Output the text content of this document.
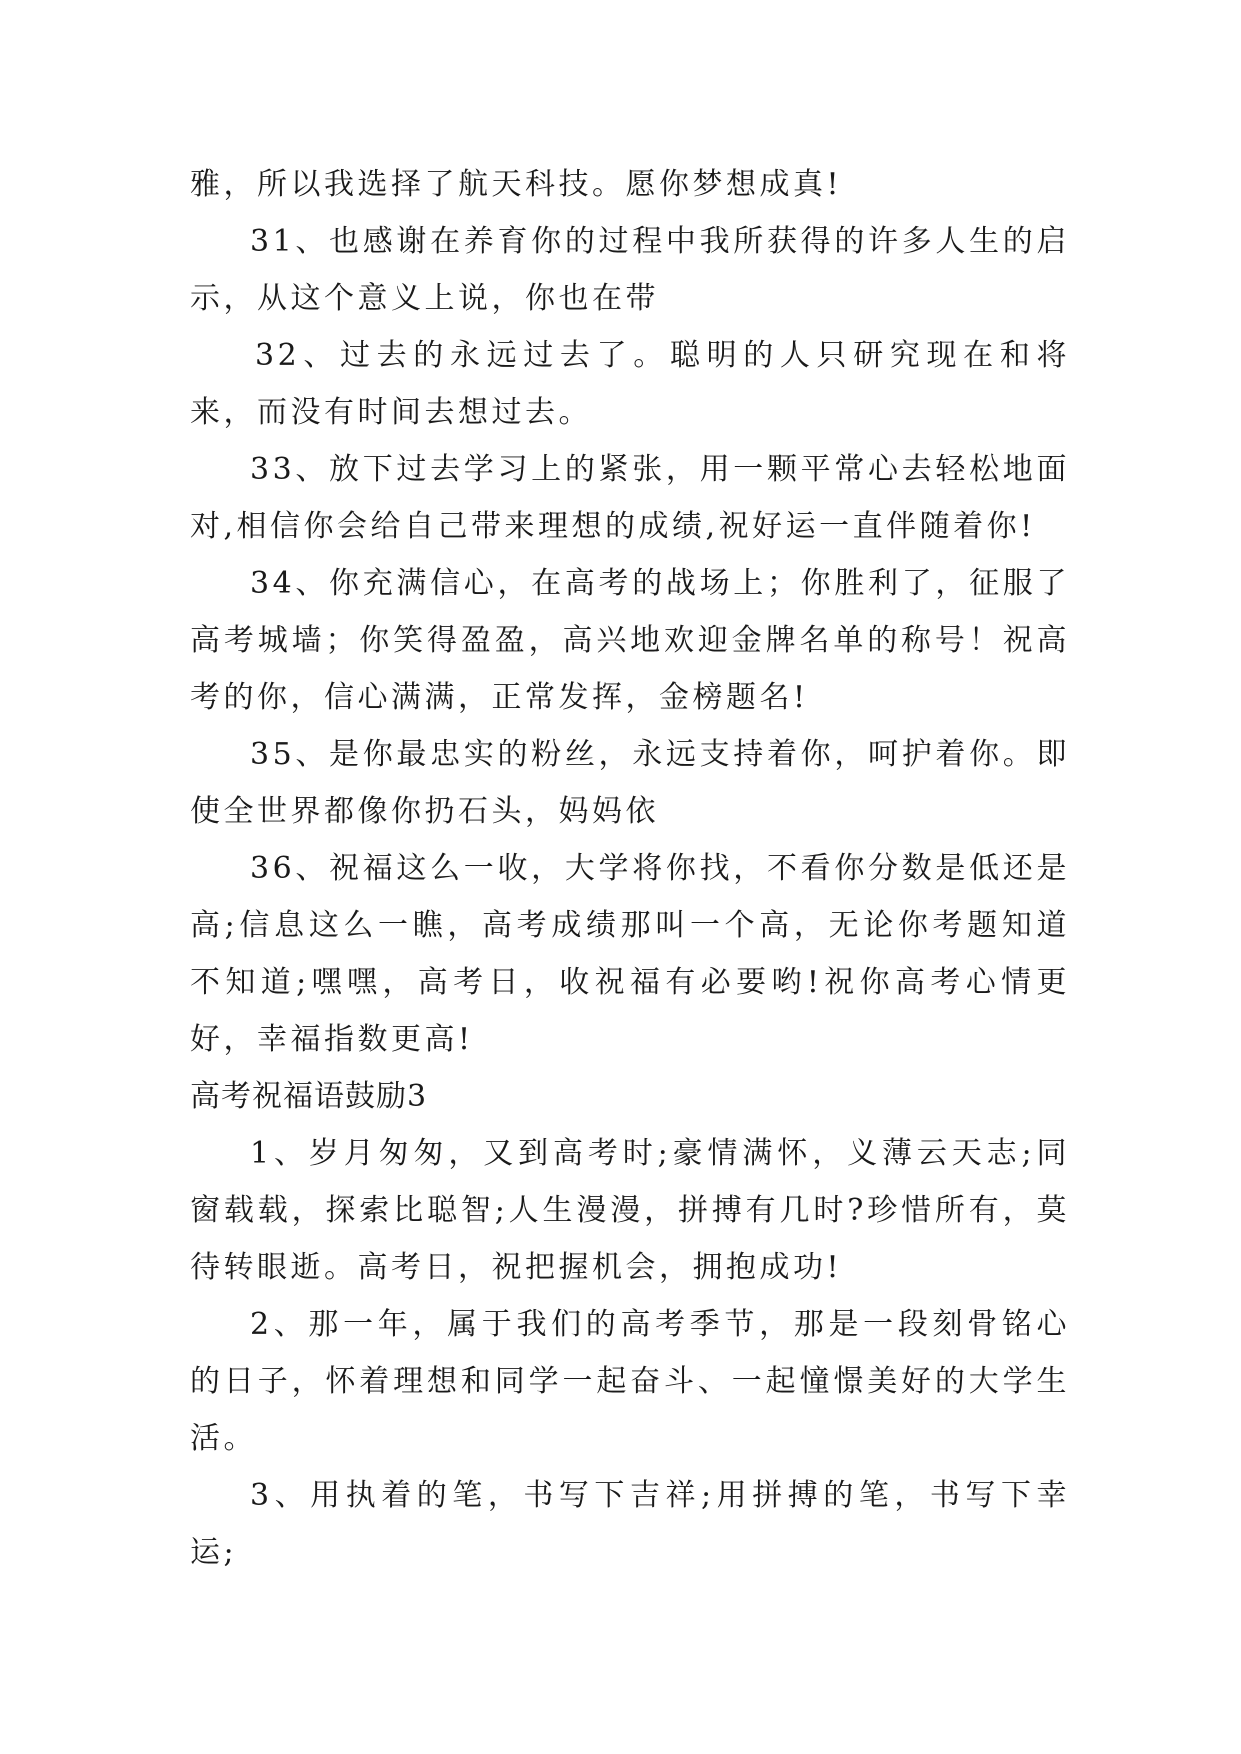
雅，所以我选择了航天科技。愿你梦想成真!

31、也感谢在养育你的过程中我所获得的许多人生的启示，从这个意义上说，你也在带

32、过去的永远过去了。聪明的人只研究现在和将来，而没有时间去想过去。

33、放下过去学习上的紧张，用一颗平常心去轻松地面对,相信你会给自己带来理想的成绩,祝好运一直伴随着你!

34、你充满信心，在高考的战场上；你胜利了，征服了高考城墙；你笑得盈盈，高兴地欢迎金牌名单的称号！祝高考的你，信心满满，正常发挥，金榜题名!

35、是你最忠实的粉丝，永远支持着你，呵护着你。即使全世界都像你扔石头，妈妈依

36、祝福这么一收，大学将你找，不看你分数是低还是高;信息这么一瞧，高考成绩那叫一个高，无论你考题知道不知道;嘿嘿，高考日，收祝福有必要哟!祝你高考心情更好，幸福指数更高!

高考祝福语鼓励3

1、岁月匆匆，又到高考时;豪情满怀，义薄云天志;同窗载载，探索比聪智;人生漫漫，拼搏有几时?珍惜所有，莫待转眼逝。高考日，祝把握机会，拥抱成功!

2、那一年，属于我们的高考季节，那是一段刻骨铭心的日子，怀着理想和同学一起奋斗、一起憧憬美好的大学生活。

3、用执着的笔，书写下吉祥;用拼搏的笔，书写下幸运;
